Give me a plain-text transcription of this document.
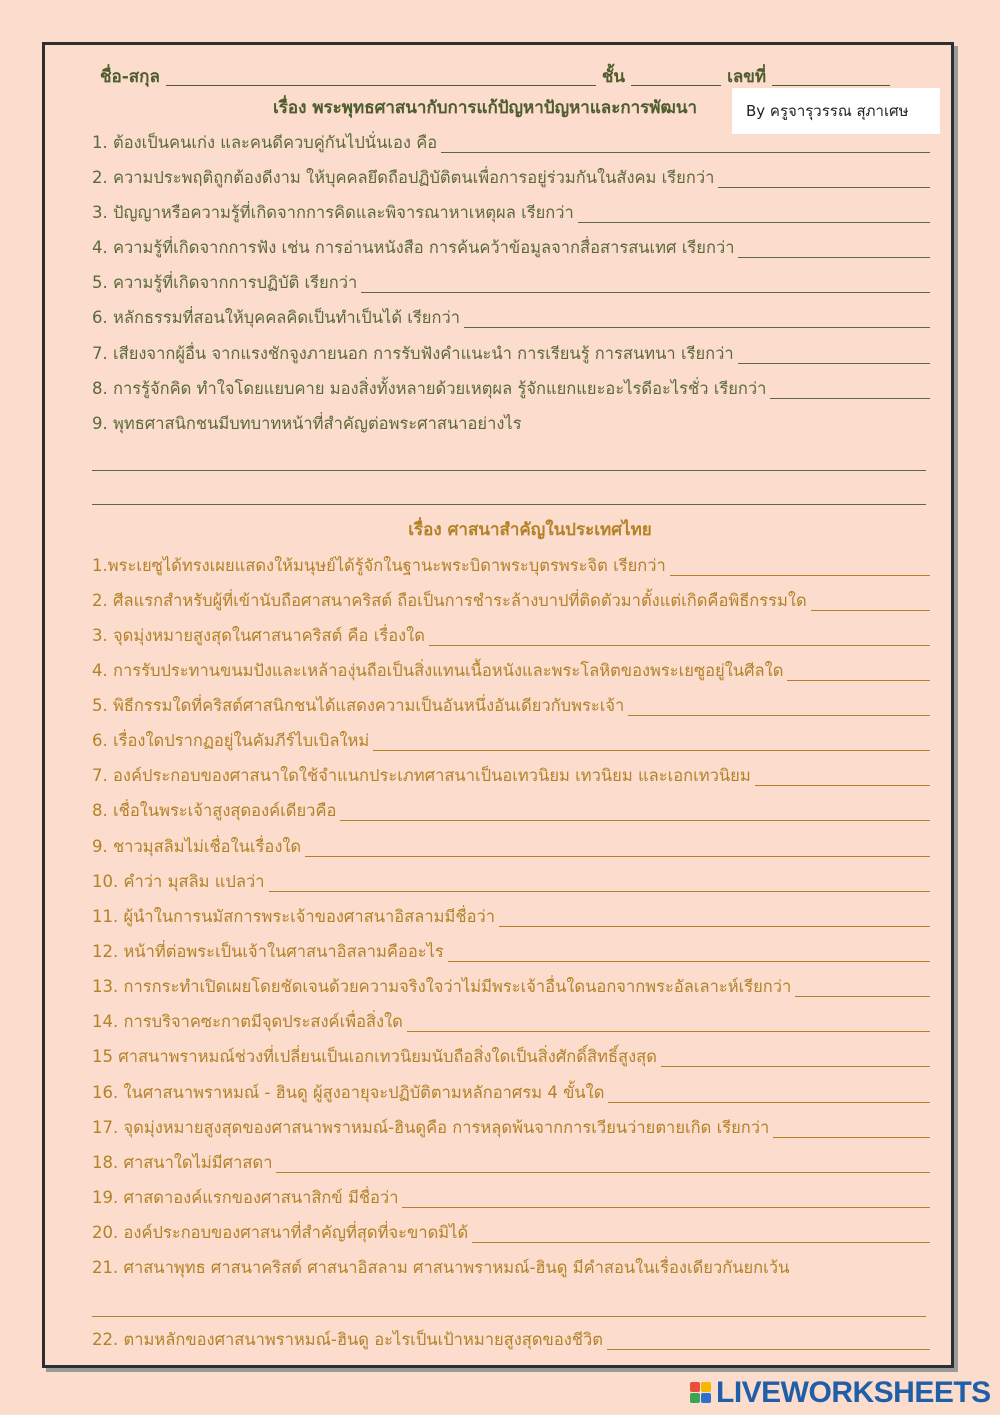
ชื่อ-สกุล	ชั้น	เลขที่
เรื่อง พระพุทธศาสนากับการแก้ปัญหาปัญหาและการพัฒนา	By ครูจารุวรรณ สุภาเศษ
1. ต้องเป็นคนเก่ง และคนดีควบคู่กันไปนั่นเอง คือ
2. ความประพฤติถูกต้องดีงาม ให้บุคคลยึดถือปฏิบัติตนเพื่อการอยู่ร่วมกันในสังคม เรียกว่า
3. ปัญญาหรือความรู้ที่เกิดจากการคิดและพิจารณาหาเหตุผล เรียกว่า
4. ความรู้ที่เกิดจากการฟัง เช่น การอ่านหนังสือ การค้นคว้าข้อมูลจากสื่อสารสนเทศ เรียกว่า
5. ความรู้ที่เกิดจากการปฏิบัติ เรียกว่า
6. หลักธรรมที่สอนให้บุคคลคิดเป็นทำเป็นได้ เรียกว่า
7. เสียงจากผู้อื่น จากแรงชักจูงภายนอก การรับฟังคำแนะนำ การเรียนรู้ การสนทนา เรียกว่า
8. การรู้จักคิด ทำใจโดยแยบคาย มองสิ่งทั้งหลายด้วยเหตุผล รู้จักแยกแยะอะไรดีอะไรชั่ว เรียกว่า
9. พุทธศาสนิกชนมีบทบาทหน้าที่สำคัญต่อพระศาสนาอย่างไร
เรื่อง ศาสนาสำคัญในประเทศไทย
1.พระเยซูได้ทรงเผยแสดงให้มนุษย์ได้รู้จักในฐานะพระบิดาพระบุตรพระจิต เรียกว่า
2. ศีลแรกสำหรับผู้ที่เข้านับถือศาสนาคริสต์ ถือเป็นการชำระล้างบาปที่ติดตัวมาตั้งแต่เกิดคือพิธีกรรมใด
3. จุดมุ่งหมายสูงสุดในศาสนาคริสต์ คือ เรื่องใด
4. การรับประทานขนมปังและเหล้าองุ่นถือเป็นสิ่งแทนเนื้อหนังและพระโลหิตของพระเยซูอยู่ในศีลใด
5. พิธีกรรมใดที่คริสต์ศาสนิกชนได้แสดงความเป็นอันหนึ่งอันเดียวกับพระเจ้า
6. เรื่องใดปรากฏอยู่ในคัมภีร์ไบเบิลใหม่
7. องค์ประกอบของศาสนาใดใช้จำแนกประเภทศาสนาเป็นอเทวนิยม เทวนิยม และเอกเทวนิยม
8. เชื่อในพระเจ้าสูงสุดองค์เดียวคือ
9. ชาวมุสลิมไม่เชื่อในเรื่องใด
10. คำว่า มุสลิม แปลว่า
11. ผู้นำในการนมัสการพระเจ้าของศาสนาอิสลามมีชื่อว่า
12. หน้าที่ต่อพระเป็นเจ้าในศาสนาอิสลามคืออะไร
13. การกระทำเปิดเผยโดยชัดเจนด้วยความจริงใจว่าไม่มีพระเจ้าอื่นใดนอกจากพระอัลเลาะห์เรียกว่า
14. การบริจาคซะกาตมีจุดประสงค์เพื่อสิ่งใด
15 ศาสนาพราหมณ์ช่วงที่เปลี่ยนเป็นเอกเทวนิยมนับถือสิ่งใดเป็นสิ่งศักดิ์สิทธิ์สูงสุด
16. ในศาสนาพราหมณ์ - ฮินดู ผู้สูงอายุจะปฏิบัติตามหลักอาศรม 4 ขั้นใด
17. จุดมุ่งหมายสูงสุดของศาสนาพราหมณ์-ฮินดูคือ การหลุดพ้นจากการเวียนว่ายตายเกิด เรียกว่า
18. ศาสนาใดไม่มีศาสดา
19. ศาสดาองค์แรกของศาสนาสิกข์ มีชื่อว่า
20. องค์ประกอบของศาสนาที่สำคัญที่สุดที่จะขาดมิได้
21. ศาสนาพุทธ ศาสนาคริสต์ ศาสนาอิสลาม ศาสนาพราหมณ์-ฮินดู มีคำสอนในเรื่องเดียวกันยกเว้น
22. ตามหลักของศาสนาพราหมณ์-ฮินดู อะไรเป็นเป้าหมายสูงสุดของชีวิต
LIVEWORKSHEETS
